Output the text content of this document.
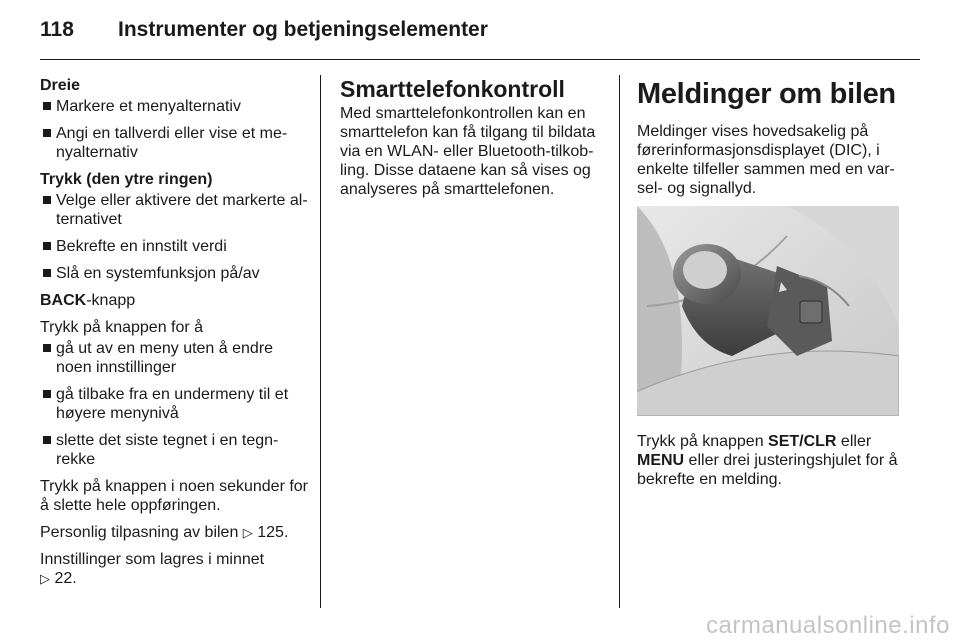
118 Instrumenter og betjeningselementer
Dreie
Markere et menyalternativ
Angi en tallverdi eller vise et me-nyalternativ
Trykk (den ytre ringen)
Velge eller aktivere det markerte al-ternativet
Bekrefte en innstilt verdi
Slå en systemfunksjon på/av

BACK-knapp

Trykk på knappen for å
gå ut av en meny uten å endre noen innstillinger
gå tilbake fra en undermeny til et høyere menynivå
slette det siste tegnet i en tegn-rekke

Trykk på knappen i noen sekunder for å slette hele oppføringen.

Personlig tilpasning av bilen ▷ 125.

Innstillinger som lagres i minnet
▷ 22.

Smarttelefonkontroll

Med smarttelefonkontrollen kan en smarttelefon kan få tilgang til bildata via en WLAN- eller Bluetooth-tilkob-ling. Disse dataene kan så vises og analyseres på smarttelefonen.

Meldinger om bilen

Meldinger vises hovedsakelig på førerinformasjonsdisplayet (DIC), i enkelte tilfeller sammen med en var-sel- og signallyd.

Trykk på knappen SET/CLR eller MENU eller drei justeringshjulet for å bekrefte en melding.

carmanualsonline.info
